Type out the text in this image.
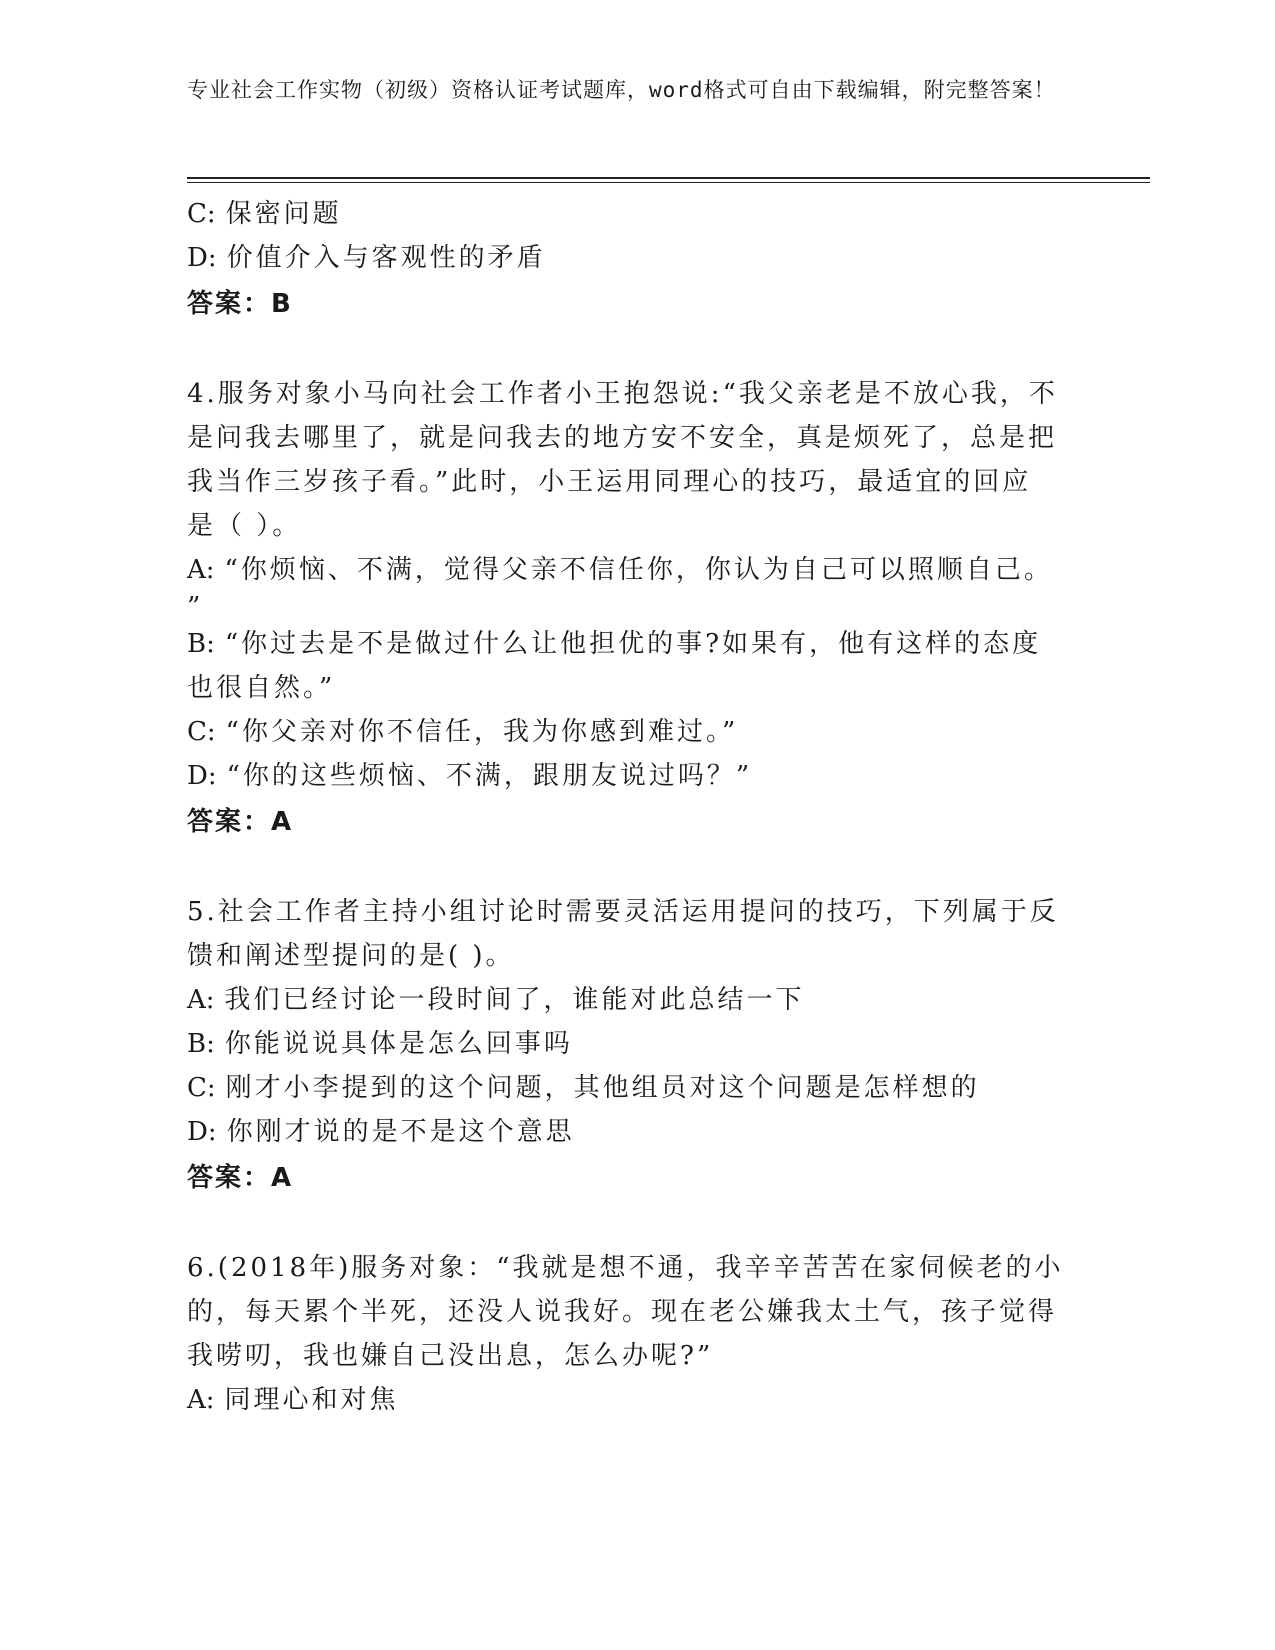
专业社会工作实物（初级）资格认证考试题库，word格式可自由下载编辑，附完整答案！

C: 保密问题

D: 价值介入与客观性的矛盾

答案：B

4.服务对象小马向社会工作者小王抱怨说:“我父亲老是不放心我，不

是问我去哪里了，就是问我去的地方安不安全，真是烦死了，总是把

我当作三岁孩子看。”此时，小王运用同理心的技巧，最适宜的回应

是（ ）。

A: “你烦恼、不满，觉得父亲不信任你，你认为自己可以照顺自己。

”

B: “你过去是不是做过什么让他担优的事?如果有，他有这样的态度

也很自然。”

C: “你父亲对你不信任，我为你感到难过。”

D: “你的这些烦恼、不满，跟朋友说过吗？”

答案：A

5.社会工作者主持小组讨论时需要灵活运用提问的技巧，下列属于反

馈和阐述型提问的是( )。

A: 我们已经讨论一段时间了，谁能对此总结一下

B: 你能说说具体是怎么回事吗

C: 刚才小李提到的这个问题，其他组员对这个问题是怎样想的

D: 你刚才说的是不是这个意思

答案：A

6.(2018年)服务对象：“我就是想不通，我辛辛苦苦在家伺候老的小

的，每天累个半死，还没人说我好。现在老公嫌我太土气，孩子觉得

我唠叨，我也嫌自己没出息，怎么办呢?”

A: 同理心和对焦
